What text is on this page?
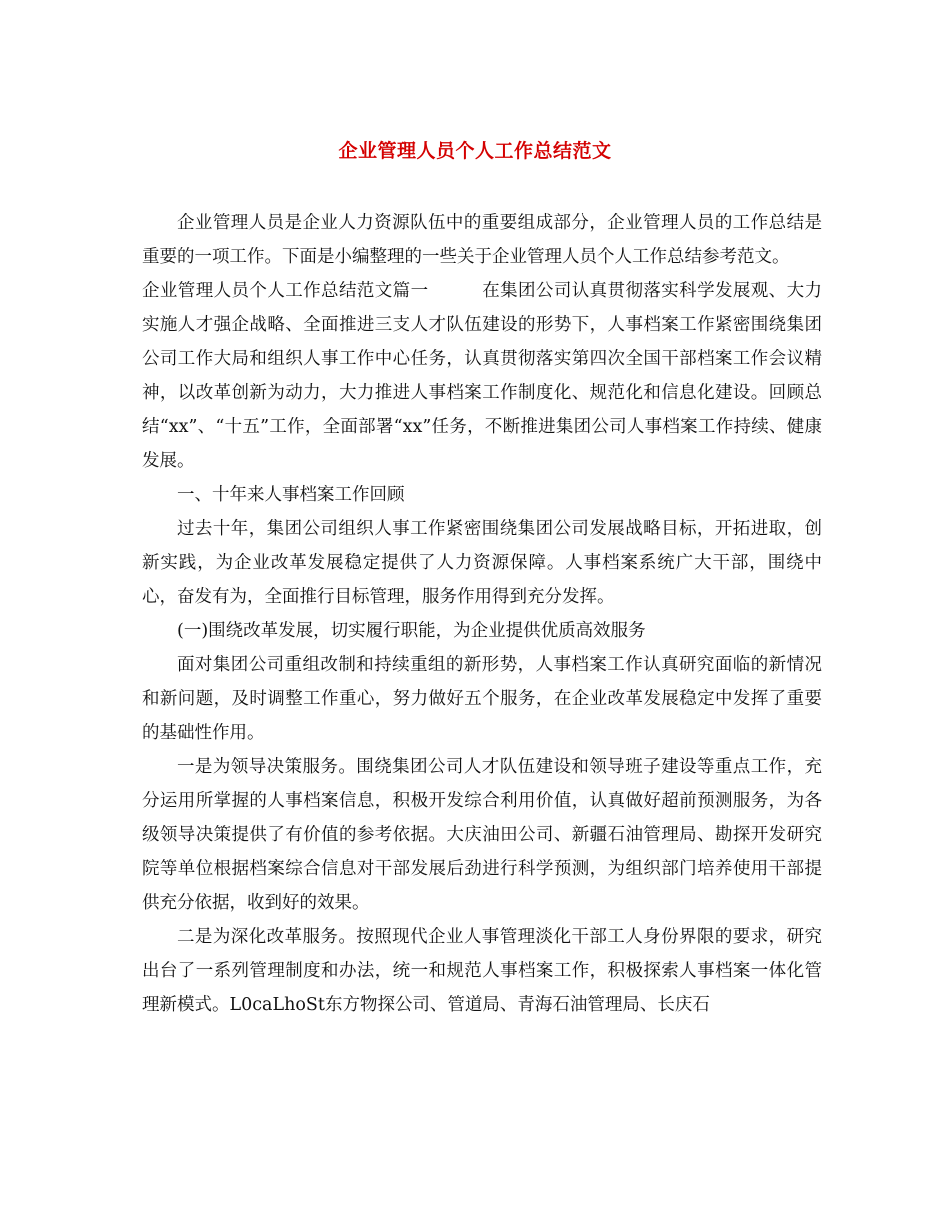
企业管理人员个人工作总结范文

企业管理人员是企业人力资源队伍中的重要组成部分，企业管理人员的工作总结是重要的一项工作。下面是小编整理的一些关于企业管理人员个人工作总结参考范文。

企业管理人员个人工作总结范文篇一　　　在集团公司认真贯彻落实科学发展观、大力实施人才强企战略、全面推进三支人才队伍建设的形势下，人事档案工作紧密围绕集团公司工作大局和组织人事工作中心任务，认真贯彻落实第四次全国干部档案工作会议精神，以改革创新为动力，大力推进人事档案工作制度化、规范化和信息化建设。回顾总结“xx”、“十五”工作，全面部署“xx”任务，不断推进集团公司人事档案工作持续、健康发展。

一、十年来人事档案工作回顾

过去十年，集团公司组织人事工作紧密围绕集团公司发展战略目标，开拓进取，创新实践，为企业改革发展稳定提供了人力资源保障。人事档案系统广大干部，围绕中心，奋发有为，全面推行目标管理，服务作用得到充分发挥。

(一)围绕改革发展，切实履行职能，为企业提供优质高效服务

面对集团公司重组改制和持续重组的新形势，人事档案工作认真研究面临的新情况和新问题，及时调整工作重心，努力做好五个服务，在企业改革发展稳定中发挥了重要的基础性作用。

一是为领导决策服务。围绕集团公司人才队伍建设和领导班子建设等重点工作，充分运用所掌握的人事档案信息，积极开发综合利用价值，认真做好超前预测服务，为各级领导决策提供了有价值的参考依据。大庆油田公司、新疆石油管理局、勘探开发研究院等单位根据档案综合信息对干部发展后劲进行科学预测，为组织部门培养使用干部提供充分依据，收到好的效果。

二是为深化改革服务。按照现代企业人事管理淡化干部工人身份界限的要求，研究出台了一系列管理制度和办法，统一和规范人事档案工作，积极探索人事档案一体化管理新模式。L0caLhoSt东方物探公司、管道局、青海石油管理局、长庆石
